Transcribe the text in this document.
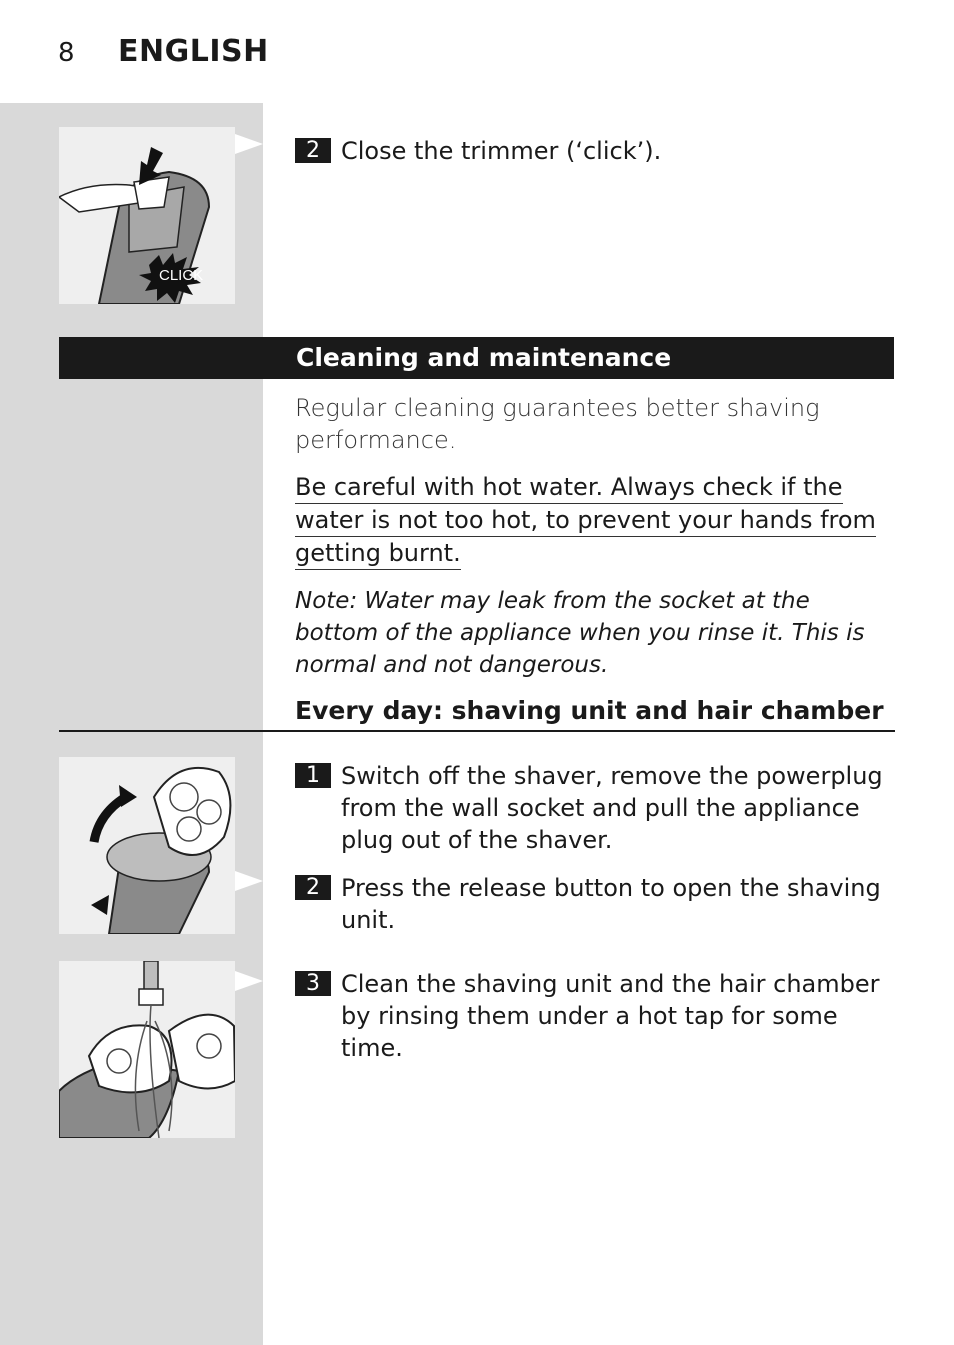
8 ENGLISH
CLICK
2 Close the trimmer (‘click’).
Cleaning and maintenance
Regular cleaning guarantees better shaving performance.
Be careful with hot water. Always check if the
water is not too hot, to prevent your hands from
getting burnt.
Note: Water may leak from the socket at the bottom of the appliance when you rinse it. This is normal and not dangerous.
Every day: shaving unit and hair chamber
1 Switch off the shaver, remove the powerplug from the wall socket and pull the appliance plug out of the shaver.
2 Press the release button to open the shaving unit.
3 Clean the shaving unit and the hair chamber by rinsing them under a hot tap for some time.
